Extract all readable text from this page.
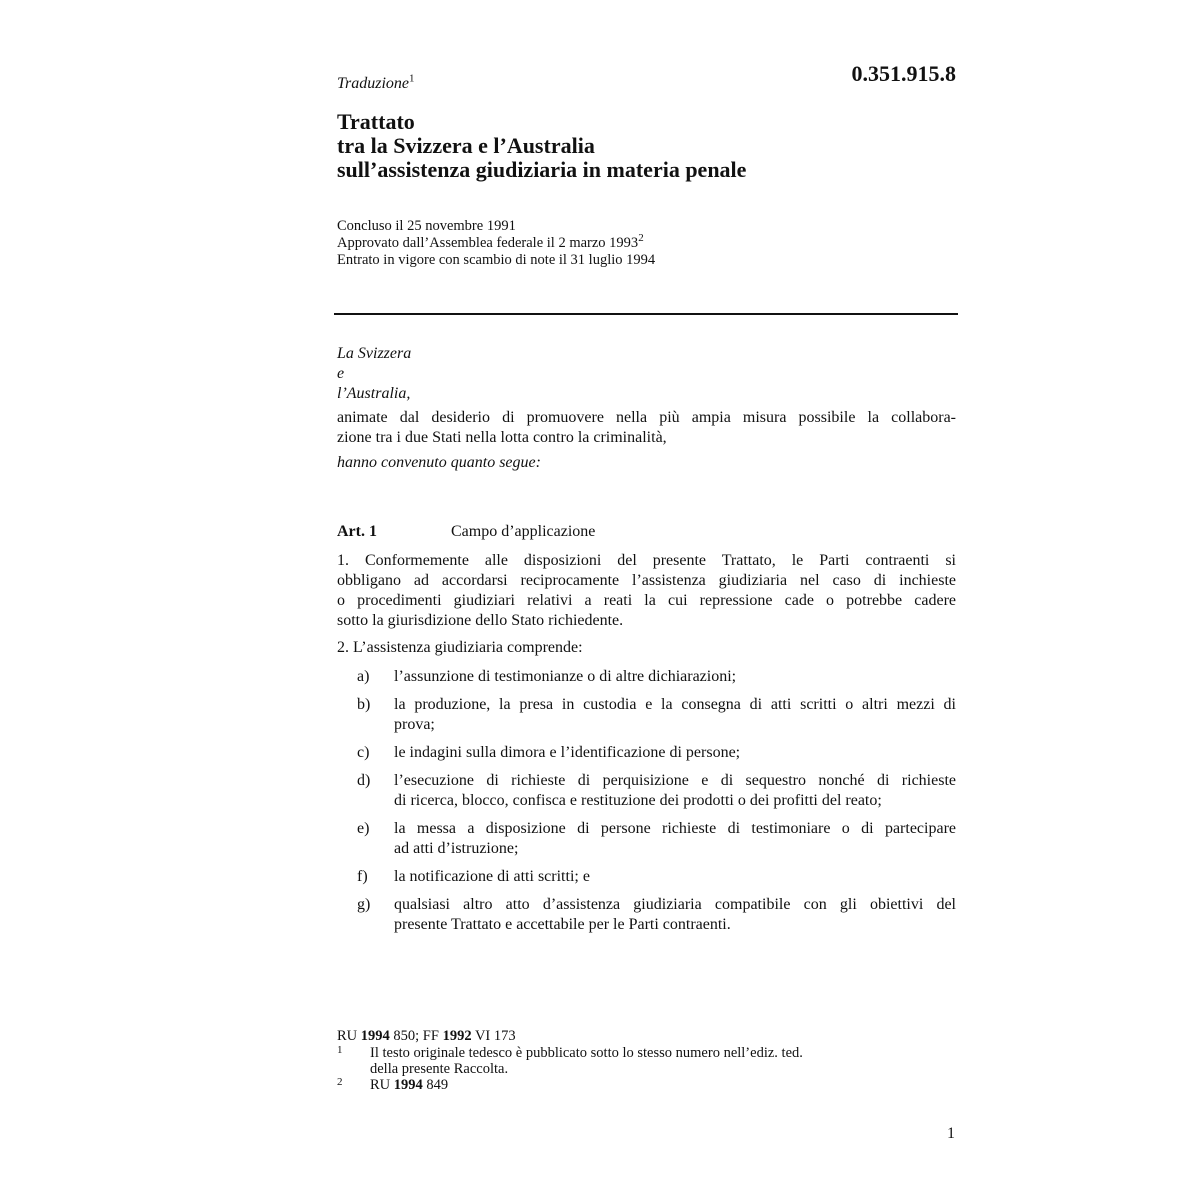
0.351.915.8
Traduzione$^1$
Trattato
tra la Svizzera e l’Australia
sull’assistenza giudiziaria in materia penale
Concluso il 25 novembre 1991
Approvato dall’Assemblea federale il 2 marzo 1993$^2$
Entrato in vigore con scambio di note il 31 luglio 1994
La Svizzera
e
l’Australia,
animate dal desiderio di promuovere nella più ampia misura possibile la collabora-
zione tra i due Stati nella lotta contro la criminalità,
hanno convenuto quanto segue:
Art. 1	Campo d’applicazione
1. Conformemente alle disposizioni del presente Trattato, le Parti contraenti si
obbligano ad accordarsi reciprocamente l’assistenza giudiziaria nel caso di inchieste
o procedimenti giudiziari relativi a reati la cui repressione cade o potrebbe cadere
sotto la giurisdizione dello Stato richiedente.
2. L’assistenza giudiziaria comprende:
a) l’assunzione di testimonianze o di altre dichiarazioni;
b) la produzione, la presa in custodia e la consegna di atti scritti o altri mezzi di
prova;
c) le indagini sulla dimora e l’identificazione di persone;
d) l’esecuzione di richieste di perquisizione e di sequestro nonché di richieste
di ricerca, blocco, confisca e restituzione dei prodotti o dei profitti del reato;
e) la messa a disposizione di persone richieste di testimoniare o di partecipare
ad atti d’istruzione;
f) la notificazione di atti scritti; e
g) qualsiasi altro atto d’assistenza giudiziaria compatibile con gli obiettivi del
presente Trattato e accettabile per le Parti contraenti.
RU 1994 850; FF 1992 VI 173
1 Il testo originale tedesco è pubblicato sotto lo stesso numero nell’ediz. ted.
della presente Raccolta.
2 RU 1994 849
1
